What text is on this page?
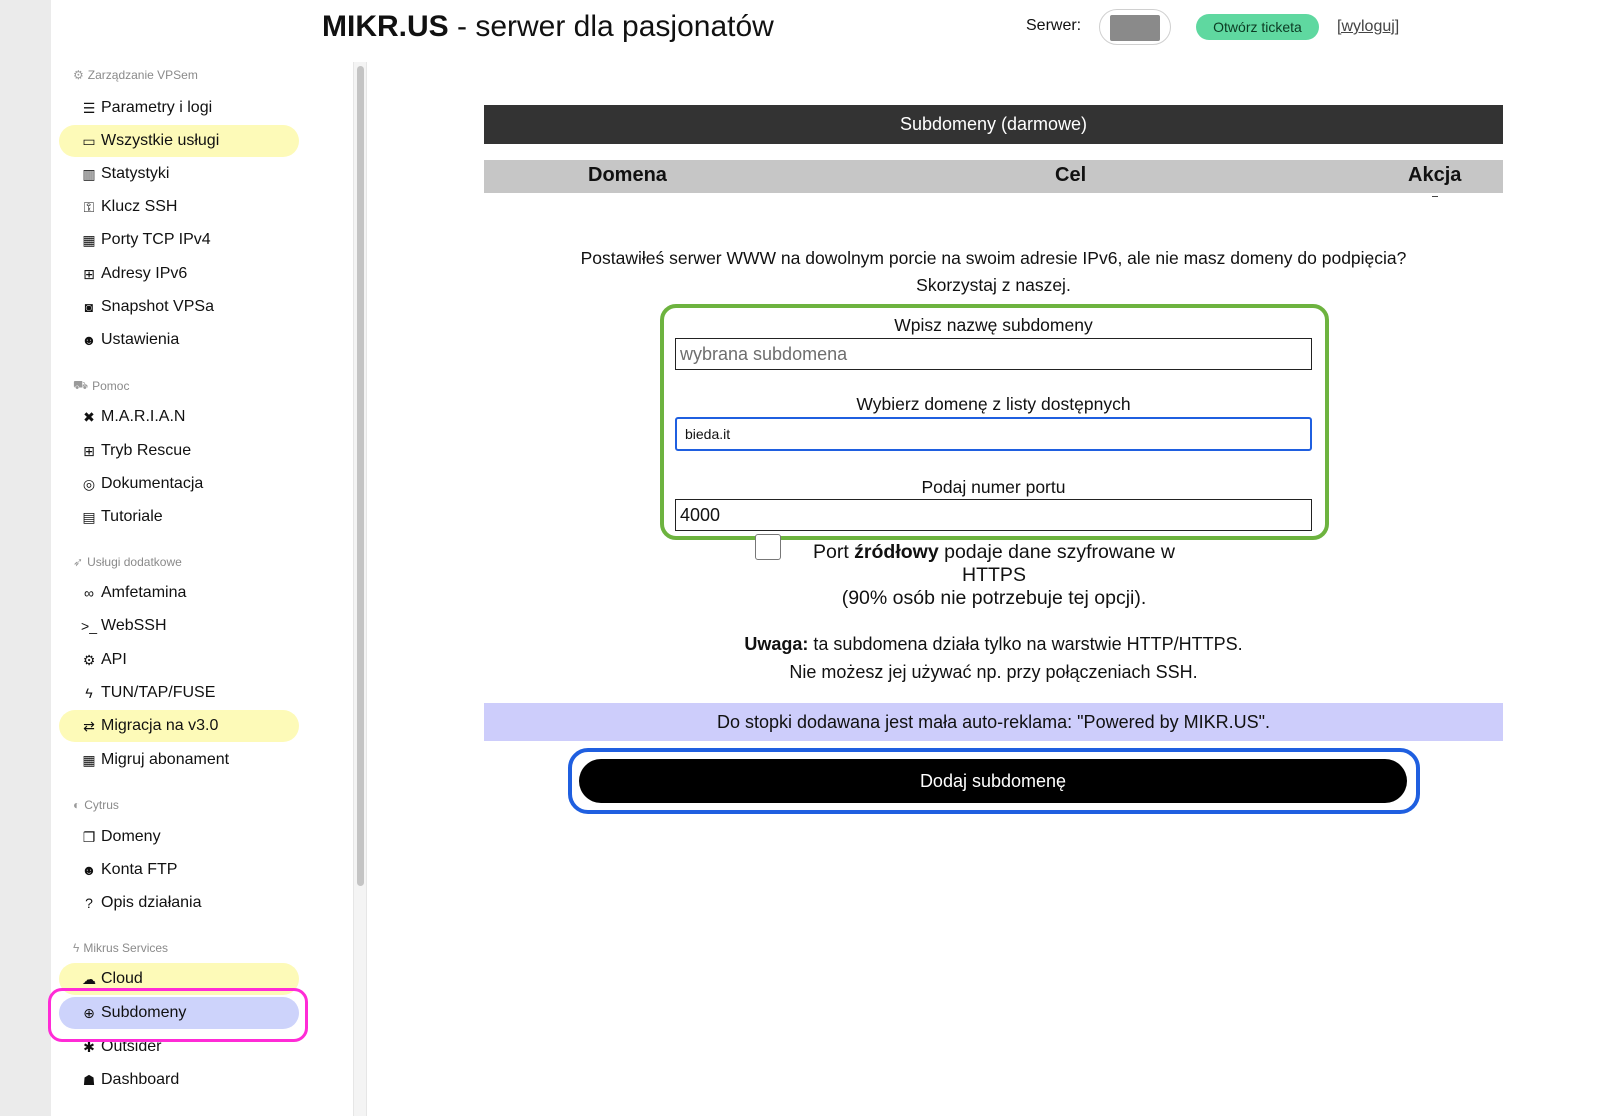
MIKR.US - serwer dla pasjonatów	Serwer:	Otwórz ticketa	[wyloguj]
⚙ Zarządzanie VPSem
☰ Parametry i logi
▭ Wszystkie usługi
▥ Statystyki
⚿ Klucz SSH
▦ Porty TCP IPv4
⊞ Adresy IPv6
◙ Snapshot VPSa
☻ Ustawienia
⛟ Pomoc
✖ M.A.R.I.A.N
⊞ Tryb Rescue
◎ Dokumentacja
▤ Tutoriale
➶ Usługi dodatkowe
∞ Amfetamina
>_ WebSSH
⚙ API
ϟ TUN/TAP/FUSE
⇄ Migracja na v3.0
▦ Migruj abonament
◐ Cytrus
❐ Domeny
☻ Konta FTP
? Opis działania
ϟ Mikrus Services
☁ Cloud
⊕ Subdomeny
✱ Outsider
☗ Dashboard
Subdomeny (darmowe)
Domena	Cel	Akcja
Postawiłeś serwer WWW na dowolnym porcie na swoim adresie IPv6, ale nie masz domeny do podpięcia?
Skorzystaj z naszej.
Wpisz nazwę subdomeny
wybrana subdomena
Wybierz domenę z listy dostępnych
bieda.it
Podaj numer portu
4000
Port źródłowy podaje dane szyfrowane w HTTPS
(90% osób nie potrzebuje tej opcji).
Uwaga: ta subdomena działa tylko na warstwie HTTP/HTTPS.
Nie możesz jej używać np. przy połączeniach SSH.
Do stopki dodawana jest mała auto-reklama: "Powered by MIKR.US".
Dodaj subdomenę
